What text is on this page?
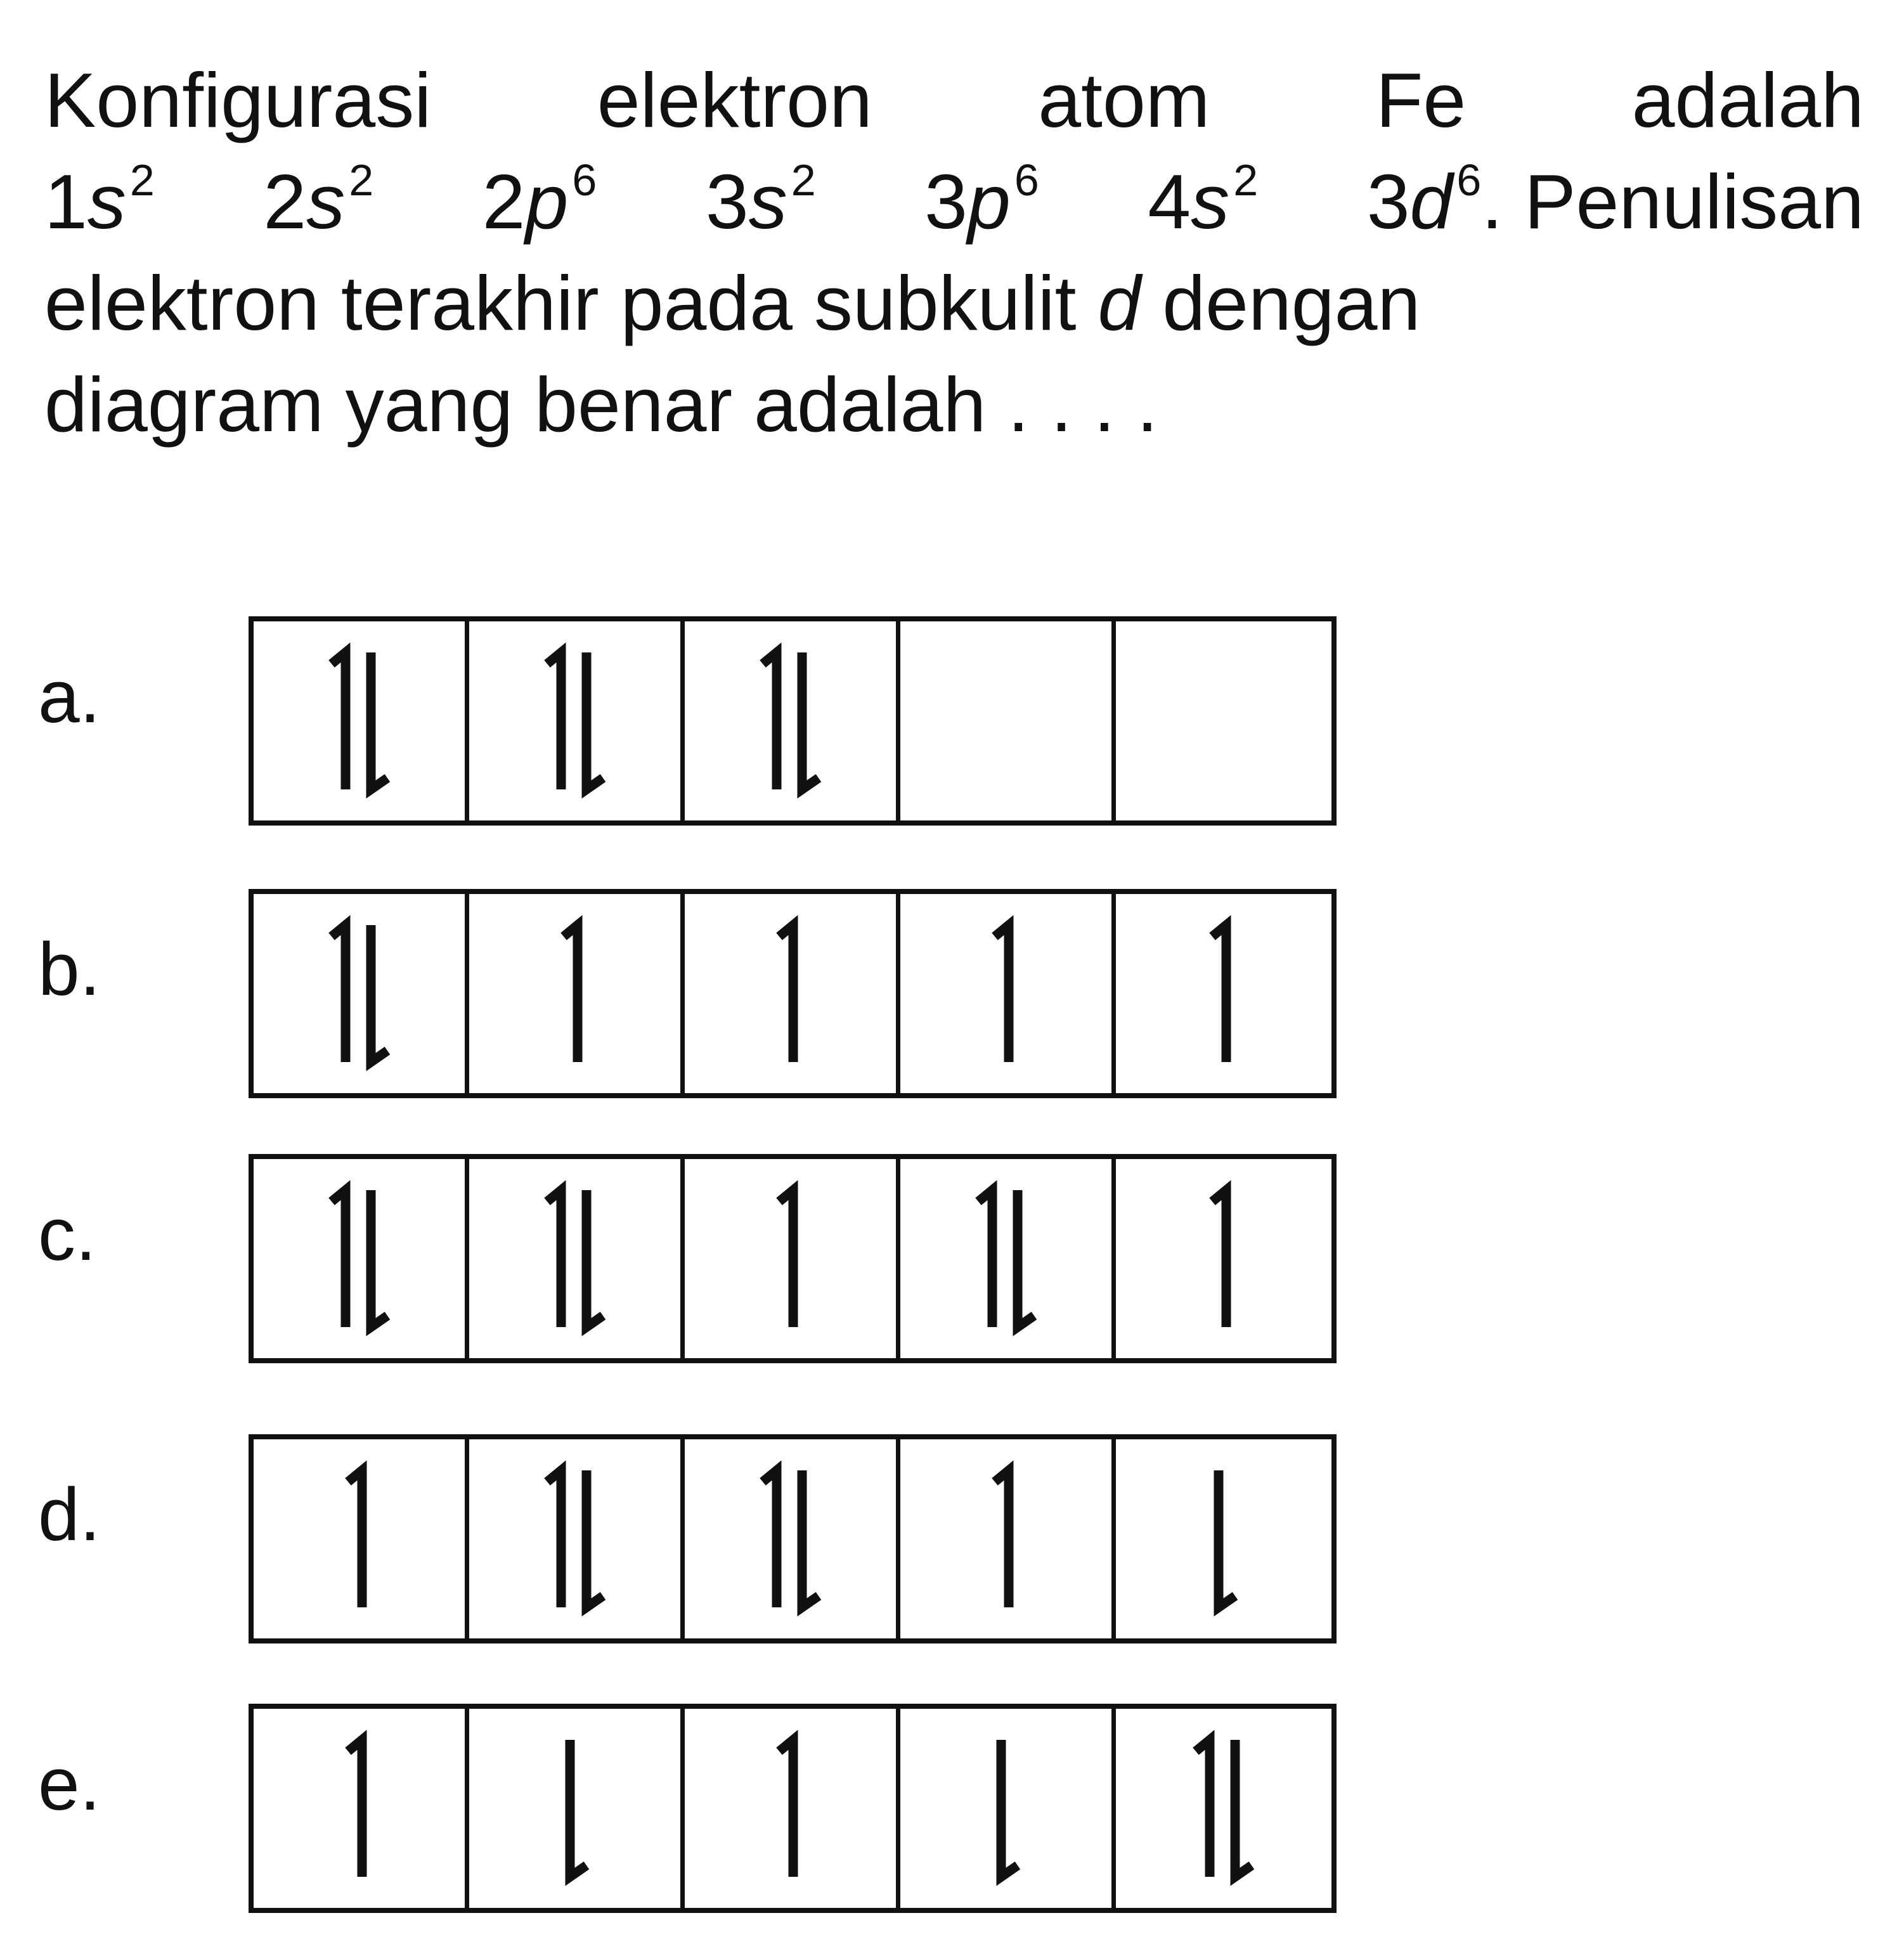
Konfigurasi elektron atom Fe adalah
$1s^2$ $2s^2$ $2p^6$ $3s^2$ $3p^6$ $4s^2$ $3d^6$. Penulisan
elektron terakhir pada subkulit d dengan
diagram yang benar adalah . . . .
a.
b.
c.
d.
e.
